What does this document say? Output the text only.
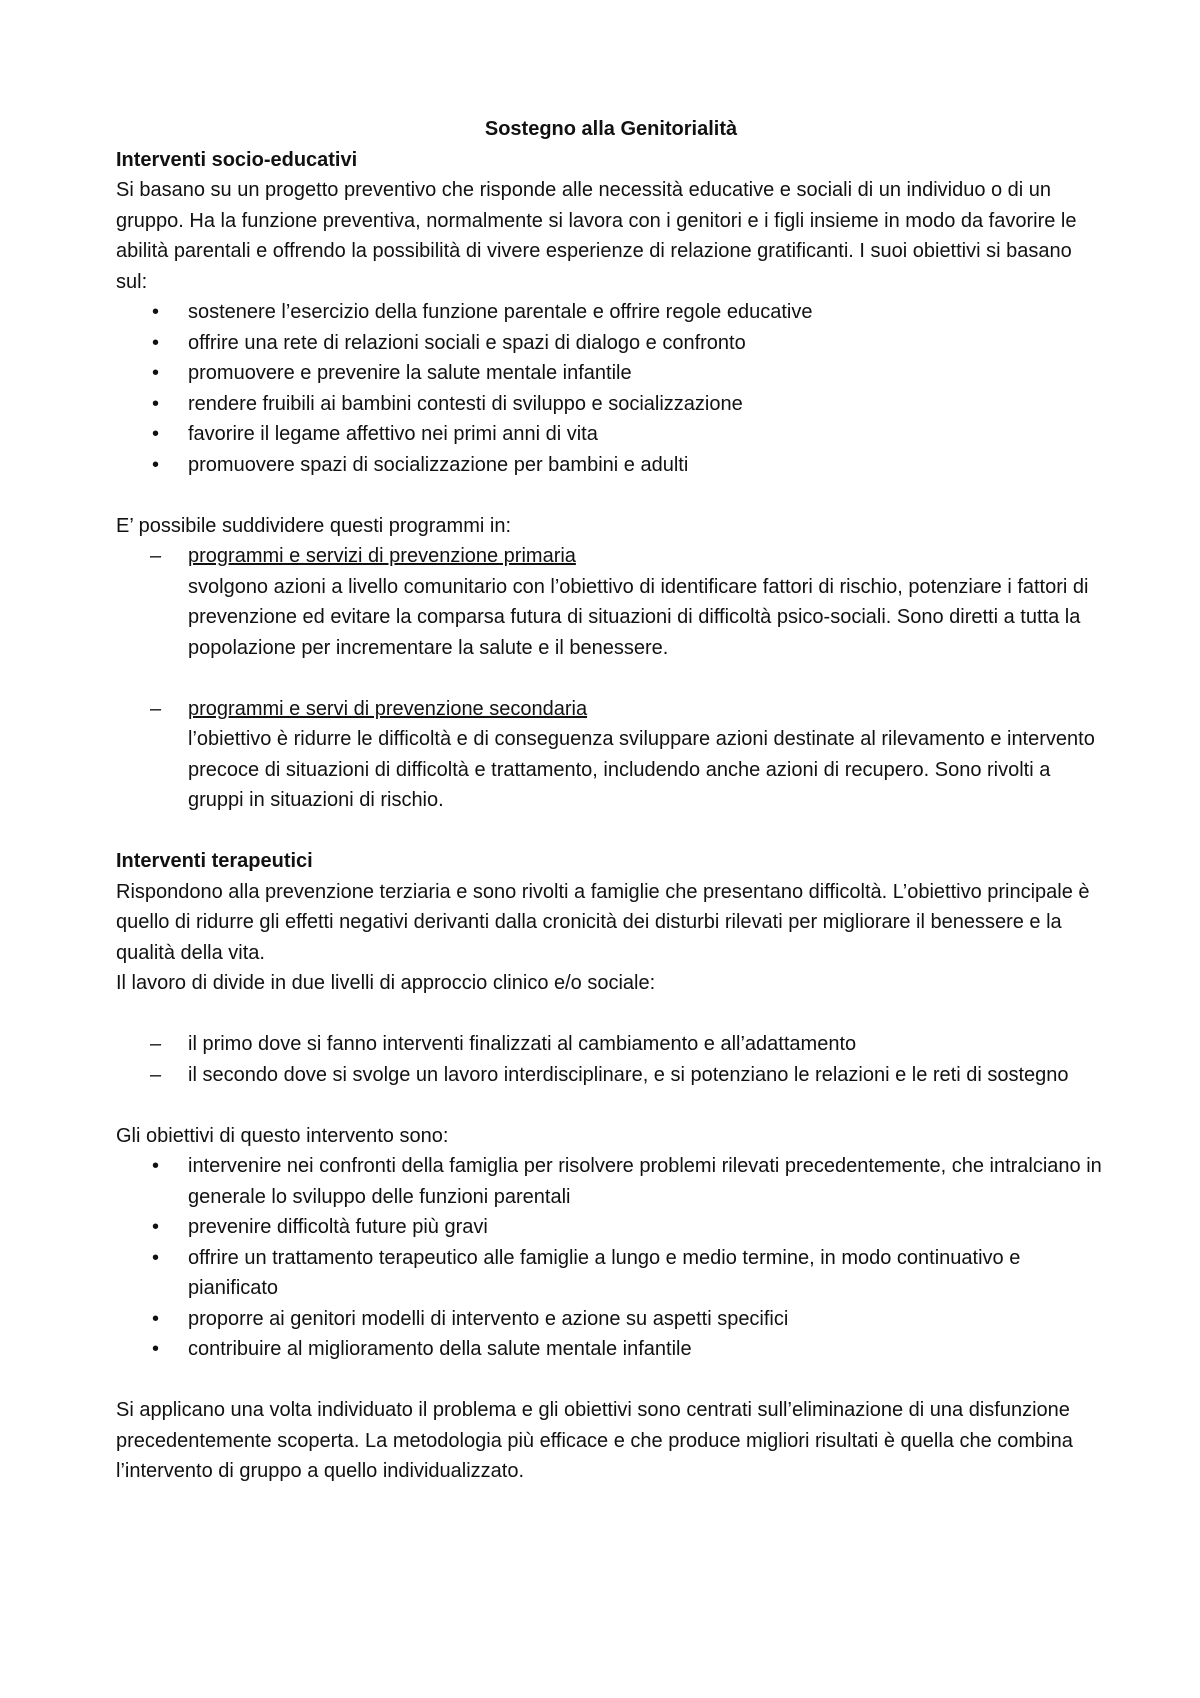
Sostegno alla Genitorialità

Interventi socio-educativi

Si basano su un progetto preventivo che risponde alle necessità educative e sociali di un individuo o di un gruppo. Ha la funzione preventiva, normalmente si lavora con i genitori e i figli insieme in modo da favorire le abilità parentali e offrendo la possibilità di vivere esperienze di relazione gratificanti. I suoi obiettivi si basano sul:

• sostenere l’esercizio della funzione parentale e offrire regole educative
• offrire una rete di relazioni sociali e spazi di dialogo e confronto
• promuovere e prevenire la salute mentale infantile
• rendere fruibili ai bambini contesti di sviluppo e socializzazione
• favorire il legame affettivo nei primi anni di vita
• promuovere spazi di socializzazione per bambini e adulti

E’ possibile suddividere questi programmi in:

– programmi e servizi di prevenzione primaria
svolgono azioni a livello comunitario con l’obiettivo di identificare fattori di rischio, potenziare i fattori di prevenzione ed evitare la comparsa futura di situazioni di difficoltà psico-sociali. Sono diretti a tutta la popolazione per incrementare la salute e il benessere.
– programmi e servi di prevenzione secondaria
l’obiettivo è ridurre le difficoltà e di conseguenza sviluppare azioni destinate al rilevamento e intervento precoce di situazioni di difficoltà e trattamento, includendo anche azioni di recupero. Sono rivolti a gruppi in situazioni di rischio.

Interventi terapeutici

Rispondono alla prevenzione terziaria e sono rivolti a famiglie che presentano difficoltà. L’obiettivo principale è quello di ridurre gli effetti negativi derivanti dalla cronicità dei disturbi rilevati per migliorare il benessere e la qualità della vita.

Il lavoro di divide in due livelli di approccio clinico e/o sociale:

– il primo dove si fanno interventi finalizzati al cambiamento e all’adattamento
– il secondo dove si svolge un lavoro interdisciplinare, e si potenziano le relazioni e le reti di sostegno

Gli obiettivi di questo intervento sono:

• intervenire nei confronti della famiglia per risolvere problemi rilevati precedentemente, che intralciano in generale lo sviluppo delle funzioni parentali
• prevenire difficoltà future più gravi
• offrire un trattamento terapeutico alle famiglie a lungo e medio termine, in modo continuativo e pianificato
• proporre ai genitori modelli di intervento e azione su aspetti specifici
• contribuire al miglioramento della salute mentale infantile

Si applicano una volta individuato il problema e gli obiettivi sono centrati sull’eliminazione di una disfunzione precedentemente scoperta. La metodologia più efficace e che produce migliori risultati è quella che combina l’intervento di gruppo a quello individualizzato.
